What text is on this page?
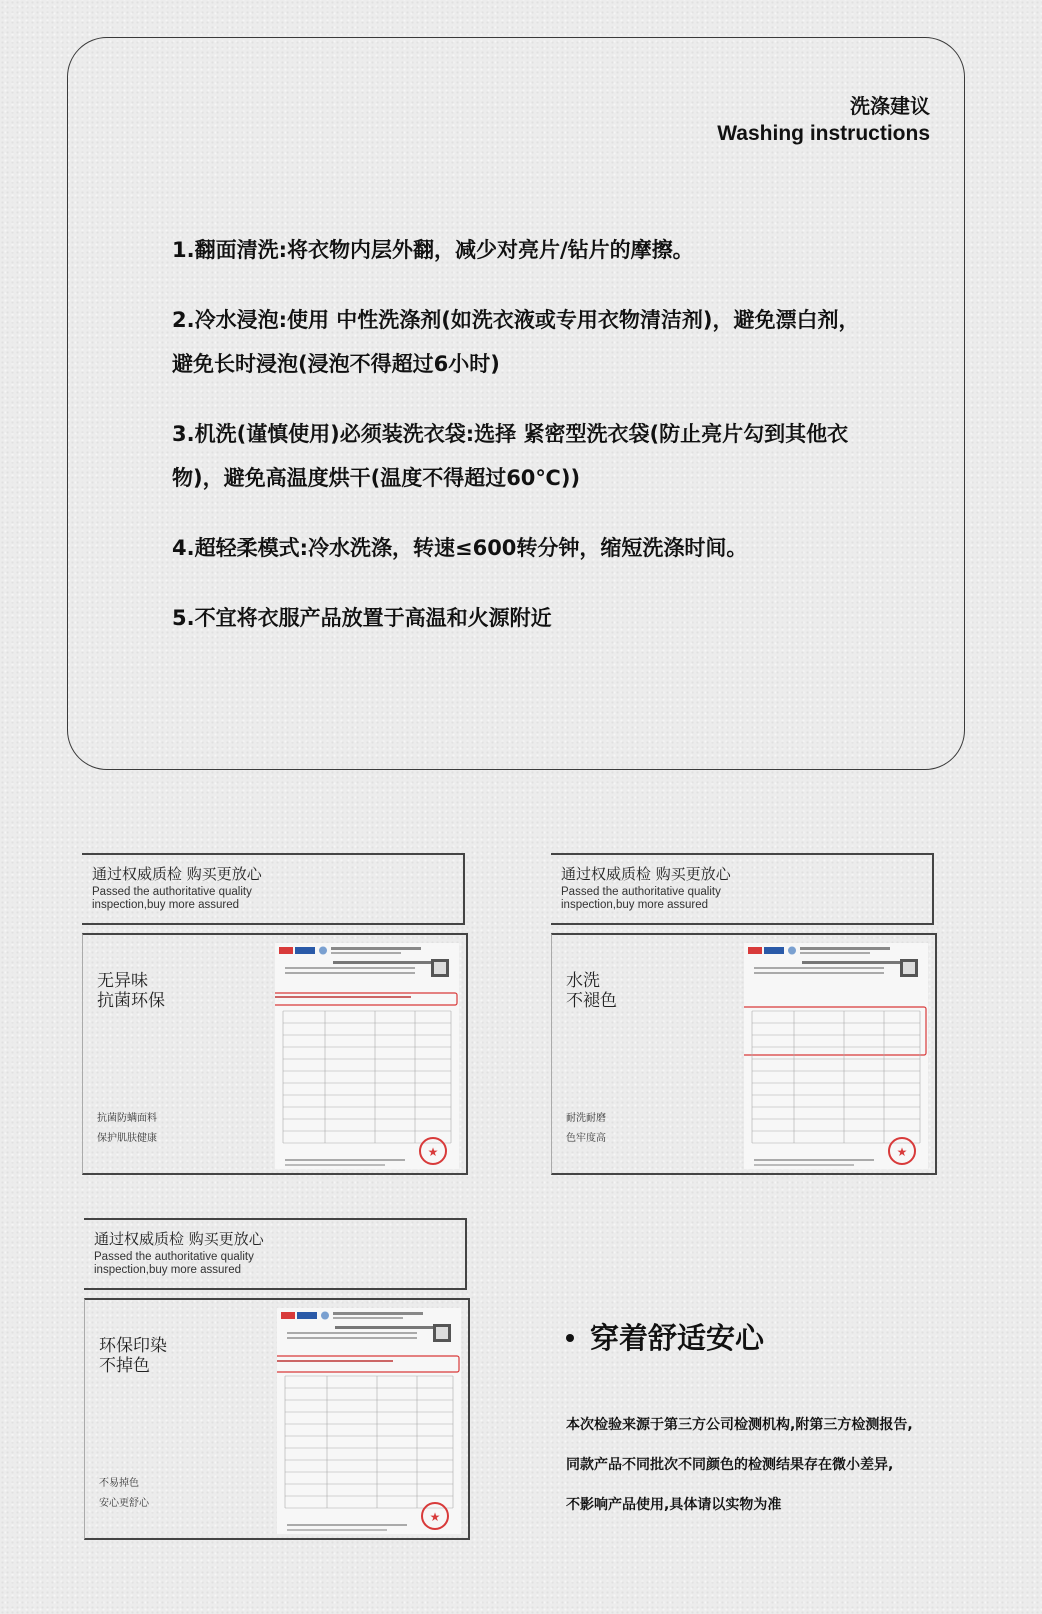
洗涤建议
Washing instructions
1.翻面清洗:将衣物内层外翻，减少对亮片/钻片的摩擦。
2.冷水浸泡:使用 中性洗涤剂(如洗衣液或专用衣物清洁剂)，避免漂白剂，避免长时浸泡(浸泡不得超过6小时)
3.机洗(谨慎使用)必须装洗衣袋:选择 紧密型洗衣袋(防止亮片勾到其他衣物)，避免高温度烘干(温度不得超过60℃))
4.超轻柔模式:冷水洗涤，转速≤600转分钟，缩短洗涤时间。
5.不宜将衣服产品放置于高温和火源附近
通过权威质检 购买更放心
Passed the authoritative quality inspection,buy more assured
无异味
抗菌环保
抗菌防螨面料
保护肌肤健康
★
通过权威质检 购买更放心
Passed the authoritative quality inspection,buy more assured
水洗
不褪色
耐洗耐磨
色牢度高
★
通过权威质检 购买更放心
Passed the authoritative quality inspection,buy more assured
环保印染
不掉色
不易掉色
安心更舒心
★
穿着舒适安心
本次检验来源于第三方公司检测机构,附第三方检测报告,
同款产品不同批次不同颜色的检测结果存在微小差异,
不影响产品使用,具体请以实物为准
